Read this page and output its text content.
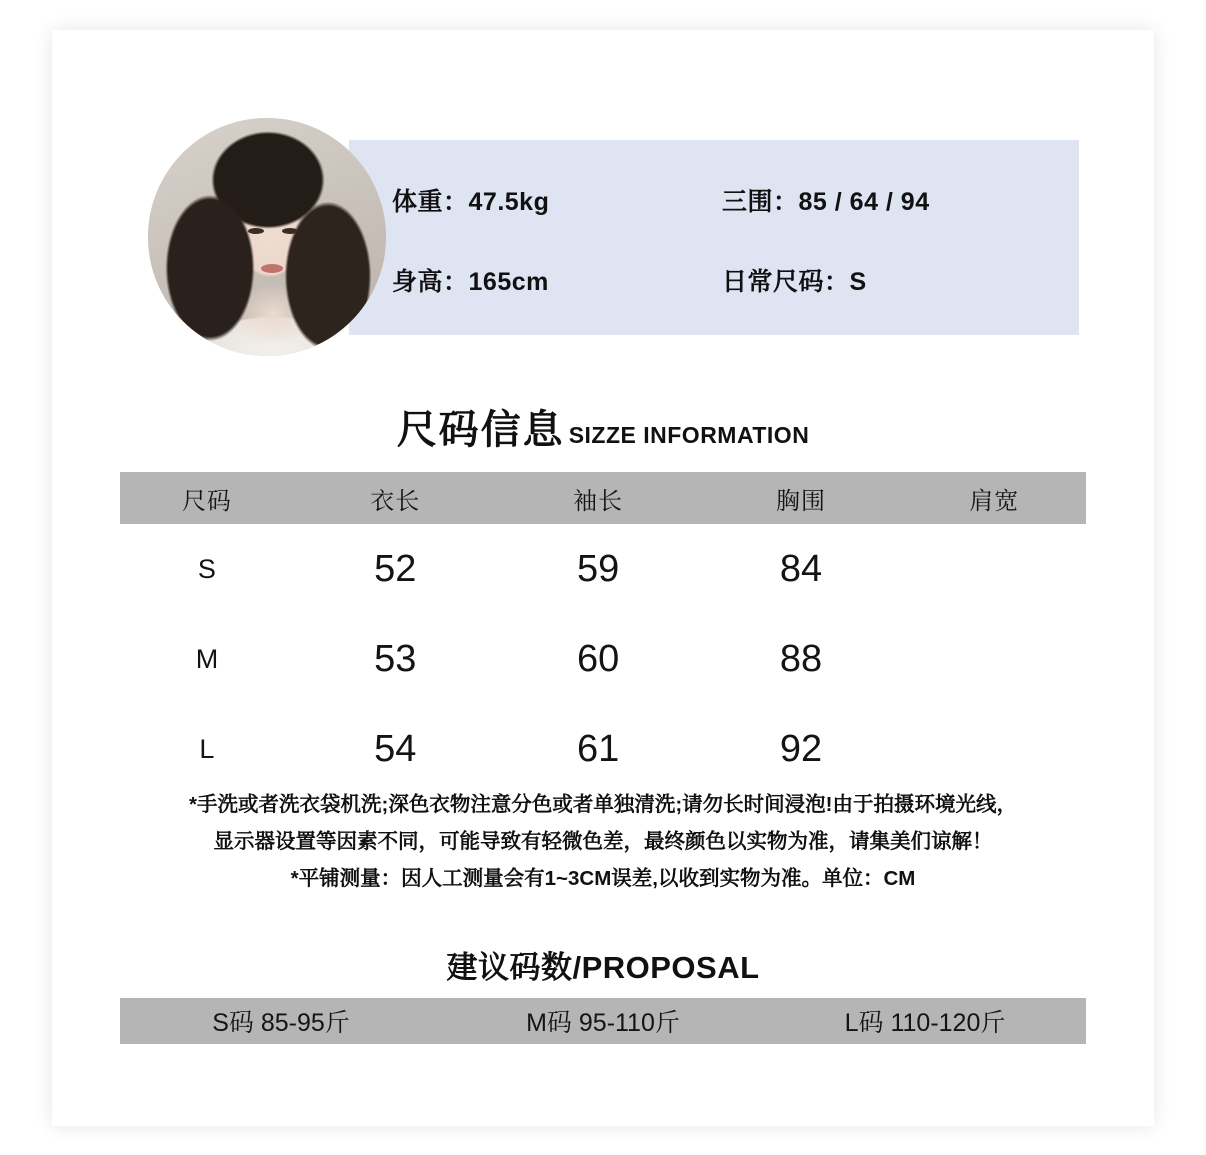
体重：47.5kg	三围：85 / 64 / 94
身高：165cm	日常尺码：S
尺码信息 SIZZE INFORMATION
尺码	衣长	袖长	胸围	肩宽
S	52	59	84	
M	53	60	88	
L	54	61	92	

*手洗或者洗衣袋机洗;深色衣物注意分色或者单独清洗;请勿长时间浸泡!由于拍摄环境光线，

显示器设置等因素不同，可能导致有轻微色差，最终颜色以实物为准，请集美们谅解！

*平铺测量：因人工测量会有1~3CM误差,以收到实物为准。单位：CM

建议码数/PROPOSAL
S码 85-95斤	M码 95-110斤	L码 110-120斤
